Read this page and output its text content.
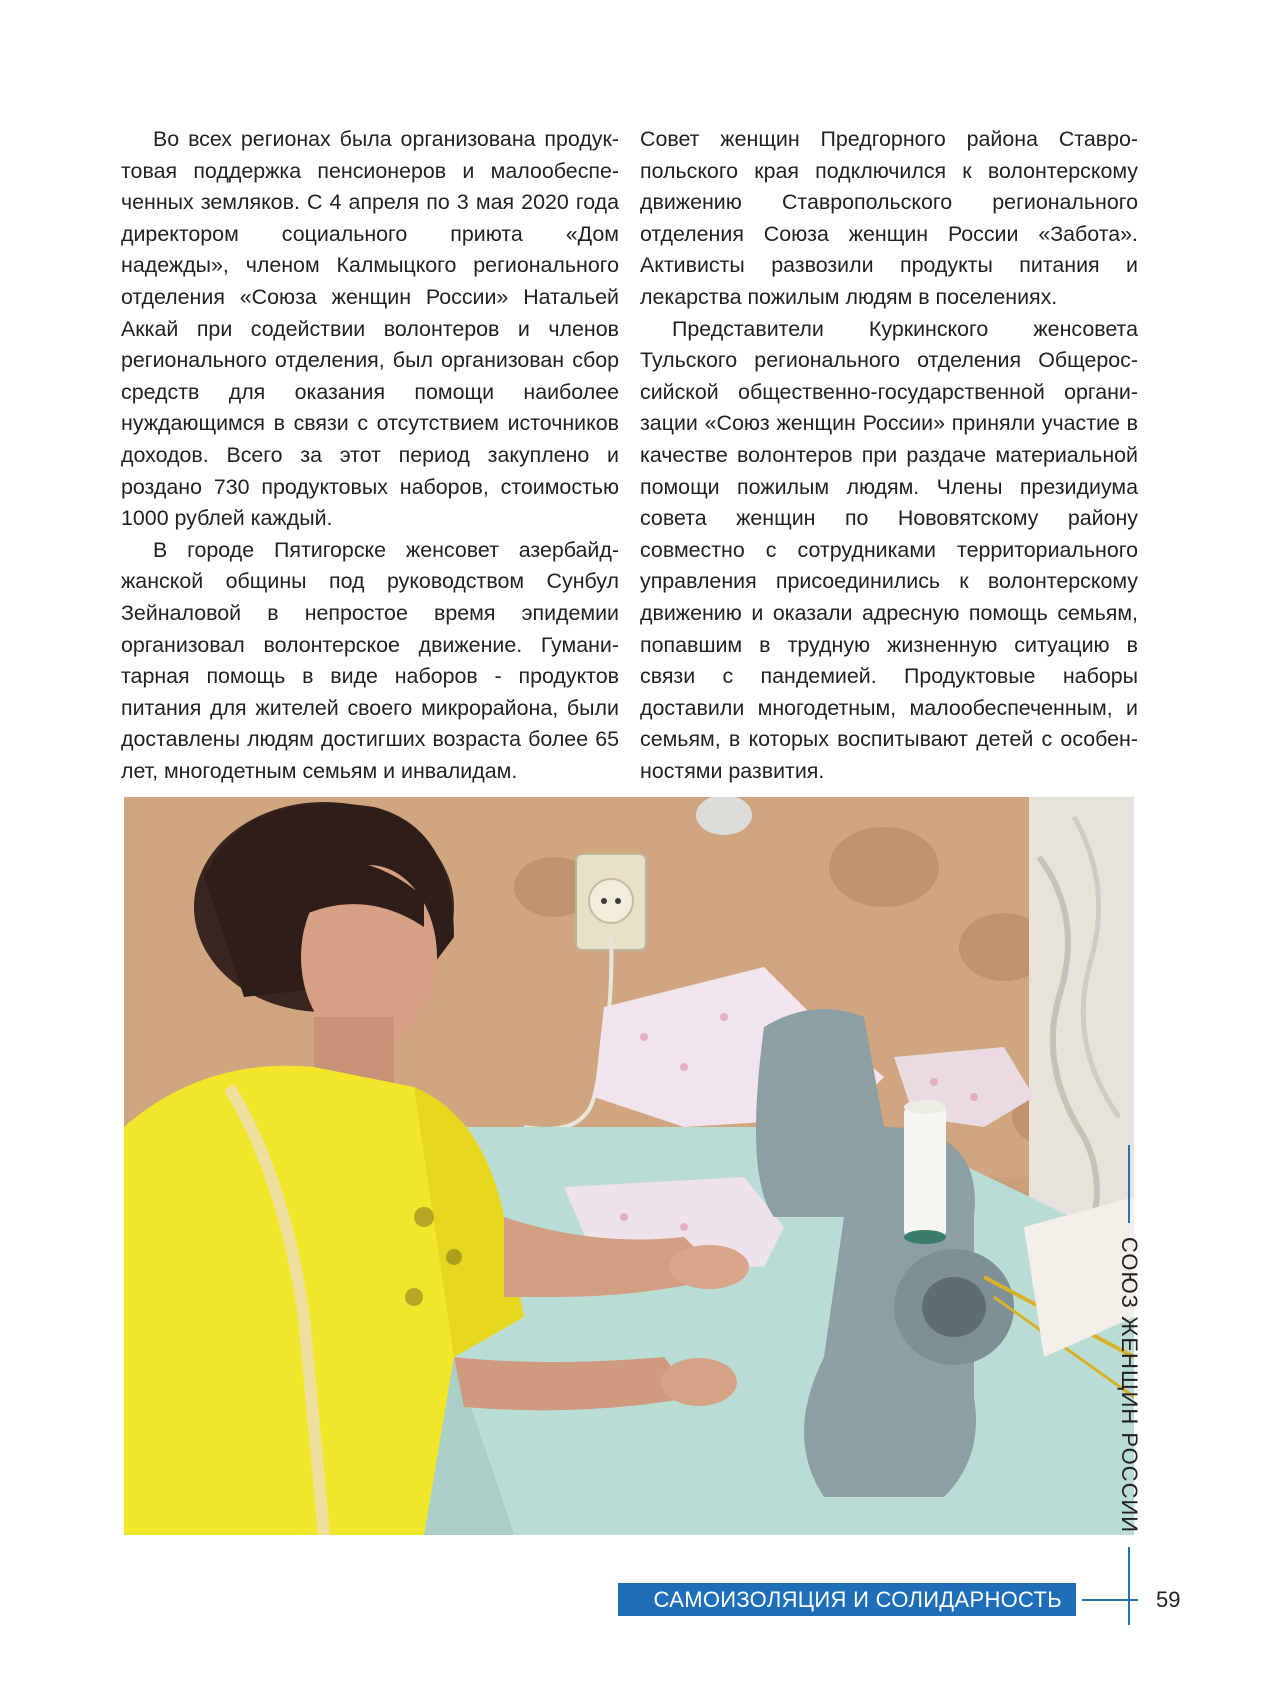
Во всех регионах была организована продуктовая поддержка пенсионеров и малообеспеченных земляков. С 4 апреля по 3 мая 2020 года директором социального приюта «Дом надежды», членом Калмыцкого регионального отделения «Союза женщин России» Натальей Аккай при содействии волонтеров и членов регионального отделения, был организован сбор средств для оказания помощи наиболее нуждающимся в связи с отсутствием источников доходов. Всего за этот период закуплено и роздано 730 продуктовых наборов, стоимостью 1000 рублей каждый.

В городе Пятигорске женсовет азербайджанской общины под руководством Сунбул Зейналовой в непростое время эпидемии организовал волонтерское движение. Гуманитарная помощь в виде наборов - продуктов питания для жителей своего микрорайона, были доставлены людям достигших возраста более 65 лет, многодетным семьям и инвалидам.

Совет женщин Предгорного района Ставропольского края подключился к волонтерскому движению Ставропольского регионального отделения Союза женщин России «Забота». Активисты развозили продукты питания и лекарства пожилым людям в поселениях.

Представители Куркинского женсовета Тульского регионального отделения Общероссийской общественно-государственной организации «Союз женщин России» приняли участие в качестве волонтеров при раздаче материальной помощи пожилым людям. Члены президиума совета женщин по Нововятскому району совместно с сотрудниками территориального управления присоединились к волонтерскому движению и оказали адресную помощь семьям, попавшим в трудную жизненную ситуацию в связи с пандемией. Продуктовые наборы доставили многодетным, малообеспеченным, и семьям, в которых воспитывают детей с особенностями развития.

СОЮЗ ЖЕНЩИН РОССИИ
САМОИЗОЛЯЦИЯ И СОЛИДАРНОСТЬ	59
